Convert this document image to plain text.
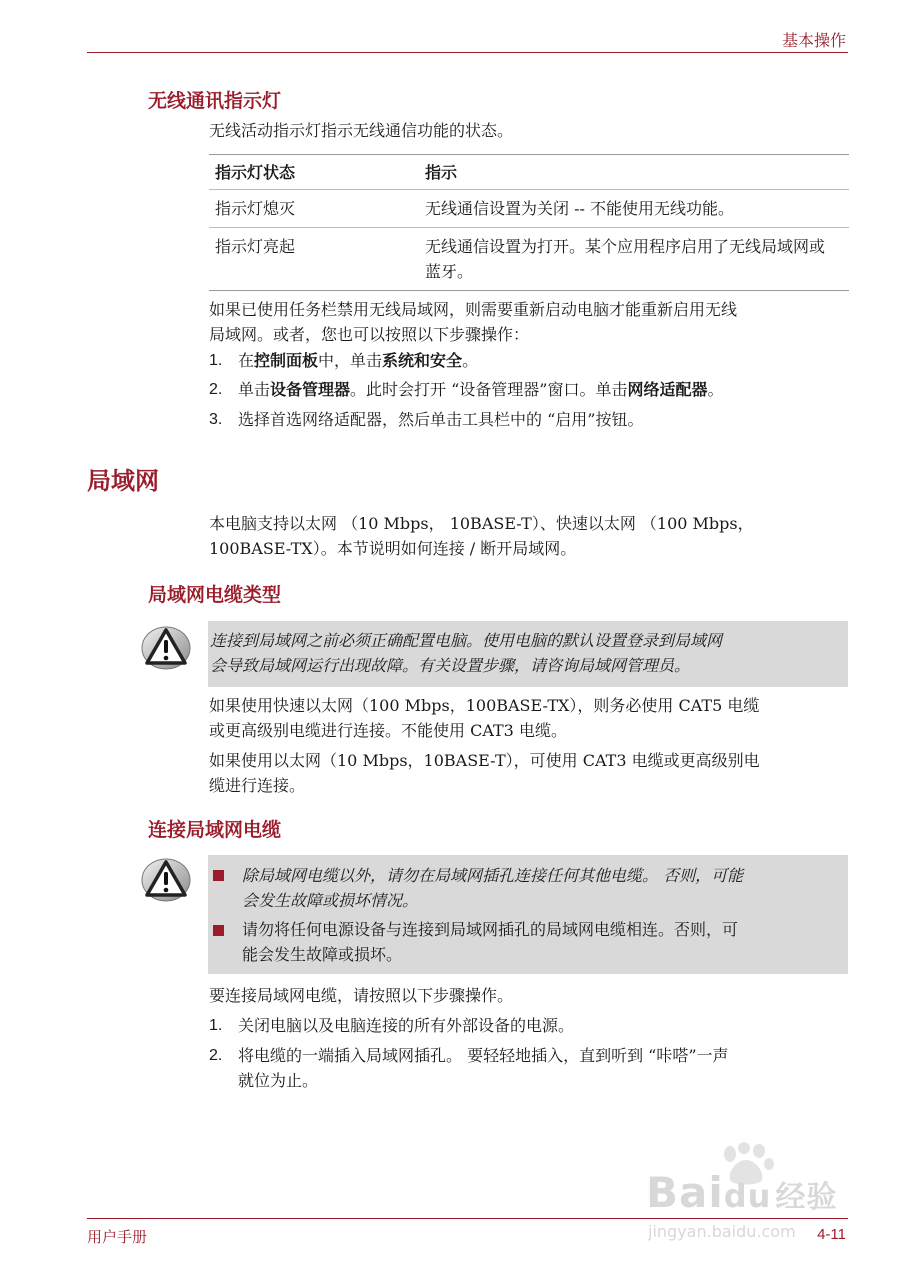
基本操作
无线通讯指示灯
无线活动指示灯指示无线通信功能的状态。
指示灯状态	指示
指示灯熄灭	无线通信设置为关闭 -- 不能使用无线功能。
指示灯亮起	无线通信设置为打开。某个应用程序启用了无线局域网或蓝牙。
如果已使用任务栏禁用无线局域网，则需要重新启动电脑才能重新启用无线
局域网。或者，您也可以按照以下步骤操作：
1. 在控制面板中，单击系统和安全。
2. 单击设备管理器。此时会打开 “设备管理器”窗口。单击网络适配器。
3. 选择首选网络适配器，然后单击工具栏中的 “启用”按钮。
局域网
本电脑支持以太网 （10 Mbps， 10BASE-T）、快速以太网 （100 Mbps，
100BASE-TX）。本节说明如何连接 / 断开局域网。
局域网电缆类型
连接到局域网之前必须正确配置电脑。使用电脑的默认设置登录到局域网
会导致局域网运行出现故障。有关设置步骤，请咨询局域网管理员。
如果使用快速以太网（100 Mbps，100BASE-TX），则务必使用 CAT5 电缆
或更高级别电缆进行连接。不能使用 CAT3 电缆。
如果使用以太网（10 Mbps，10BASE-T），可使用 CAT3 电缆或更高级别电
缆进行连接。
连接局域网电缆
除局域网电缆以外，请勿在局域网插孔连接任何其他电缆。 否则，可能
会发生故障或损坏情况。
请勿将任何电源设备与连接到局域网插孔的局域网电缆相连。否则，可
能会发生故障或损坏。
要连接局域网电缆，请按照以下步骤操作。
1. 关闭电脑以及电脑连接的所有外部设备的电源。
2. 将电缆的一端插入局域网插孔。 要轻轻地插入，直到听到 “咔嗒”一声
就位为止。
Baidu 经验
jingyan.baidu.com
用户手册	4-11
